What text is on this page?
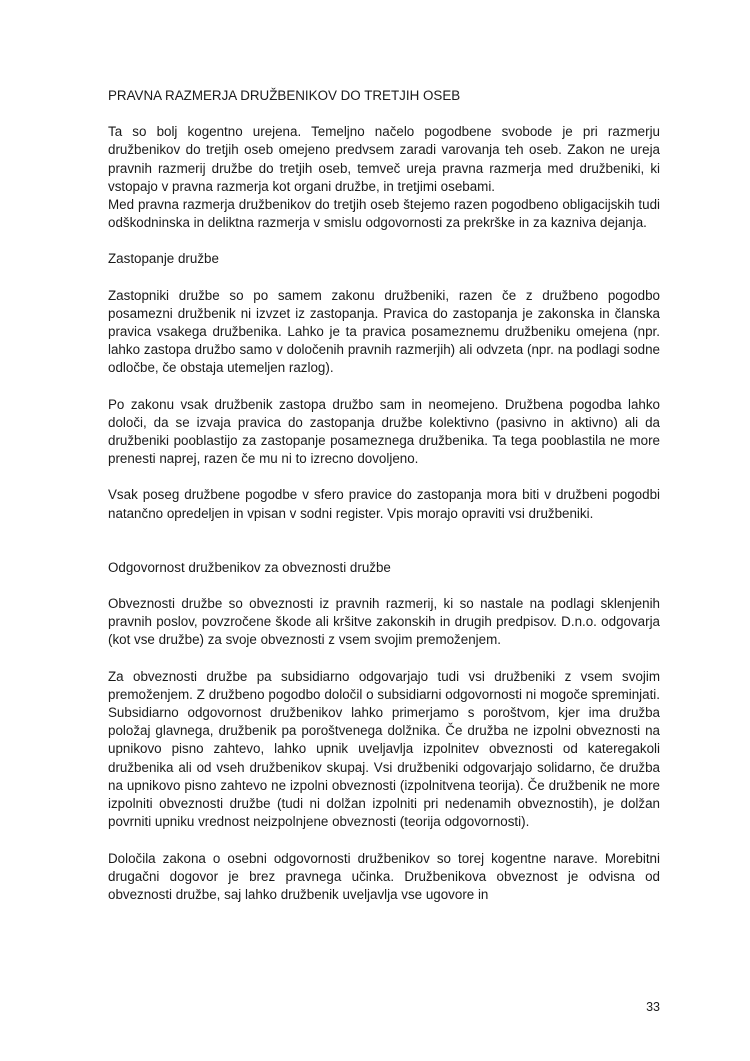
PRAVNA RAZMERJA DRUŽBENIKOV DO TRETJIH OSEB

Ta so bolj kogentno urejena. Temeljno načelo pogodbene svobode je pri razmerju družbenikov do tretjih oseb omejeno predvsem zaradi varovanja teh oseb. Zakon ne ureja pravnih razmerij družbe do tretjih oseb, temveč ureja pravna razmerja med družbeniki, ki vstopajo v pravna razmerja kot organi družbe, in tretjimi osebami.

Med pravna razmerja družbenikov do tretjih oseb štejemo razen pogodbeno obligacijskih tudi odškodninska in deliktna razmerja v smislu odgovornosti za prekrške in za kazniva dejanja.

Zastopanje družbe

Zastopniki družbe so po samem zakonu družbeniki, razen če z družbeno pogodbo posamezni družbenik ni izvzet iz zastopanja. Pravica do zastopanja je zakonska in članska pravica vsakega družbenika. Lahko je ta pravica posameznemu družbeniku omejena (npr. lahko zastopa družbo samo v določenih pravnih razmerjih) ali odvzeta (npr. na podlagi sodne odločbe, če obstaja utemeljen razlog).

Po zakonu vsak družbenik zastopa družbo sam in neomejeno. Družbena pogodba lahko določi, da se izvaja pravica do zastopanja družbe kolektivno (pasivno in aktivno) ali da družbeniki pooblastijo za zastopanje posameznega družbenika. Ta tega pooblastila ne more prenesti naprej, razen če mu ni to izrecno dovoljeno.

Vsak poseg družbene pogodbe v sfero pravice do zastopanja mora biti v družbeni pogodbi natančno opredeljen in vpisan v sodni register. Vpis morajo opraviti vsi družbeniki.

Odgovornost družbenikov za obveznosti družbe

Obveznosti družbe so obveznosti iz pravnih razmerij, ki so nastale na podlagi sklenjenih pravnih poslov, povzročene škode ali kršitve zakonskih in drugih predpisov. D.n.o. odgovarja (kot vse družbe) za svoje obveznosti z vsem svojim premoženjem.

Za obveznosti družbe pa subsidiarno odgovarjajo tudi vsi družbeniki z vsem svojim premoženjem. Z družbeno pogodbo določil o subsidiarni odgovornosti ni mogoče spreminjati. Subsidiarno odgovornost družbenikov lahko primerjamo s poroštvom, kjer ima družba položaj glavnega, družbenik pa poroštvenega dolžnika. Če družba ne izpolni obveznosti na upnikovo pisno zahtevo, lahko upnik uveljavlja izpolnitev obveznosti od kateregakoli družbenika ali od vseh družbenikov skupaj. Vsi družbeniki odgovarjajo solidarno, če družba na upnikovo pisno zahtevo ne izpolni obveznosti (izpolnitvena teorija). Če družbenik ne more izpolniti obveznosti družbe (tudi ni dolžan izpolniti pri nedenamih obveznostih), je dolžan povrniti upniku vrednost neizpolnjene obveznosti (teorija odgovornosti).

Določila zakona o osebni odgovornosti družbenikov so torej kogentne narave. Morebitni drugačni dogovor je brez pravnega učinka. Družbenikova obveznost je odvisna od obveznosti družbe, saj lahko družbenik uveljavlja vse ugovore in

33
